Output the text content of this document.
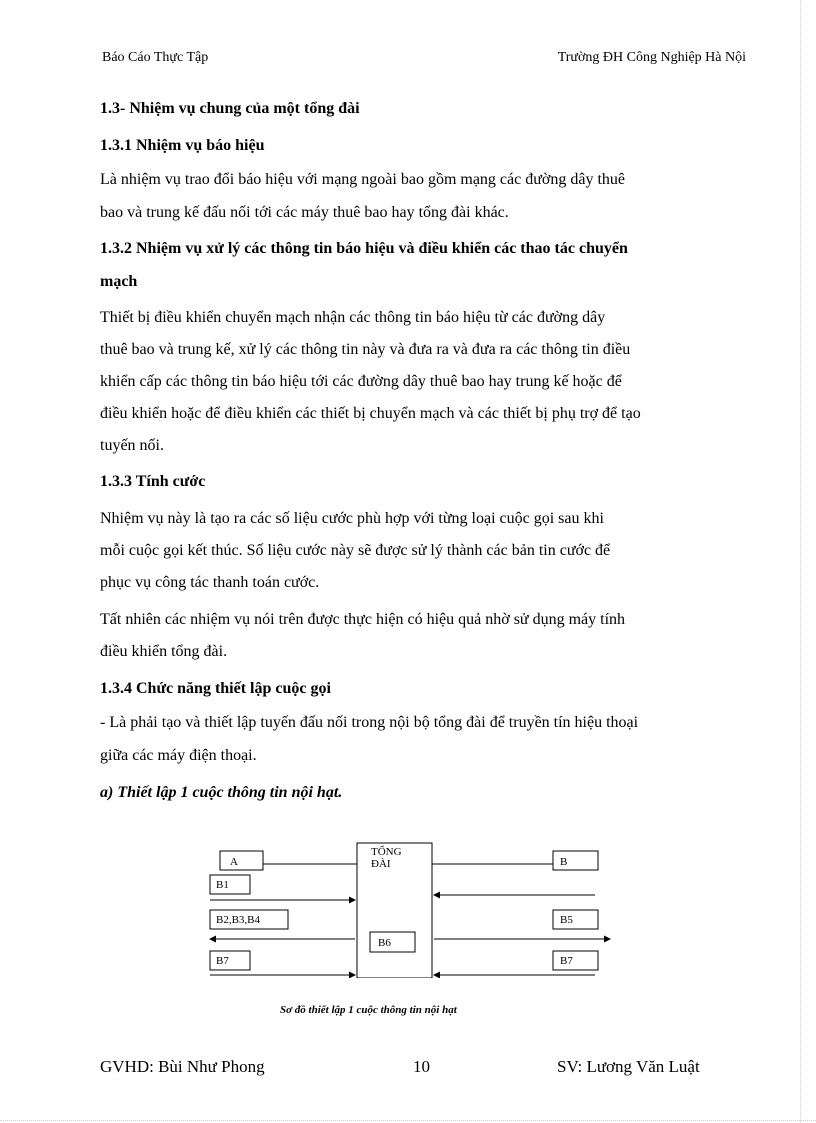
Báo Cáo Thực Tập	Trường ĐH Công Nghiệp Hà Nội
1.3- Nhiệm vụ chung của một tổng đài
1.3.1 Nhiệm vụ báo hiệu
Là nhiệm vụ trao đổi báo hiệu với mạng ngoài bao gồm mạng các đường dây thuê
bao và trung kế đấu nối tới các máy thuê bao hay tổng đài khác.
1.3.2 Nhiệm vụ xử lý các thông tin báo hiệu và điều khiển các thao tác chuyển
mạch
Thiết bị điều khiển chuyển mạch nhận các thông tin báo hiệu từ các đường dây
thuê bao và trung kế, xử lý các thông tin này và đưa ra và đưa ra các thông tin điều
khiển cấp các thông tin báo hiệu tới các đường dây thuê bao hay trung kế hoặc để
điều khiển hoặc để điều khiển các thiết bị chuyển mạch và các thiết bị phụ trợ để tạo
tuyến nối.
1.3.3 Tính cước
Nhiệm vụ này là tạo ra các số liệu cước phù hợp với từng loại cuộc gọi sau khi
mỗi cuộc gọi kết thúc. Số liệu cước này sẽ được sử lý thành các bản tin cước để
phục vụ công tác thanh toán cước.
Tất nhiên các nhiệm vụ nói trên được thực hiện có hiệu quả nhờ sử dụng máy tính
điều khiển tổng đài.
1.3.4 Chức năng thiết lập cuộc gọi
- Là phải tạo và thiết lập tuyến đấu nối trong nội bộ tổng đài để truyền tín hiệu thoại
giữa các máy điện thoại.
a) Thiết lập 1 cuộc thông tin nội hạt.
TỔNG
ĐÀI
A	B
B1
B2,B3,B4	B5
B6
B7	B7
Sơ đồ thiết lập 1 cuộc thông tin nội hạt
GVHD: Bùi Như Phong	10	SV: Lương Văn Luật
